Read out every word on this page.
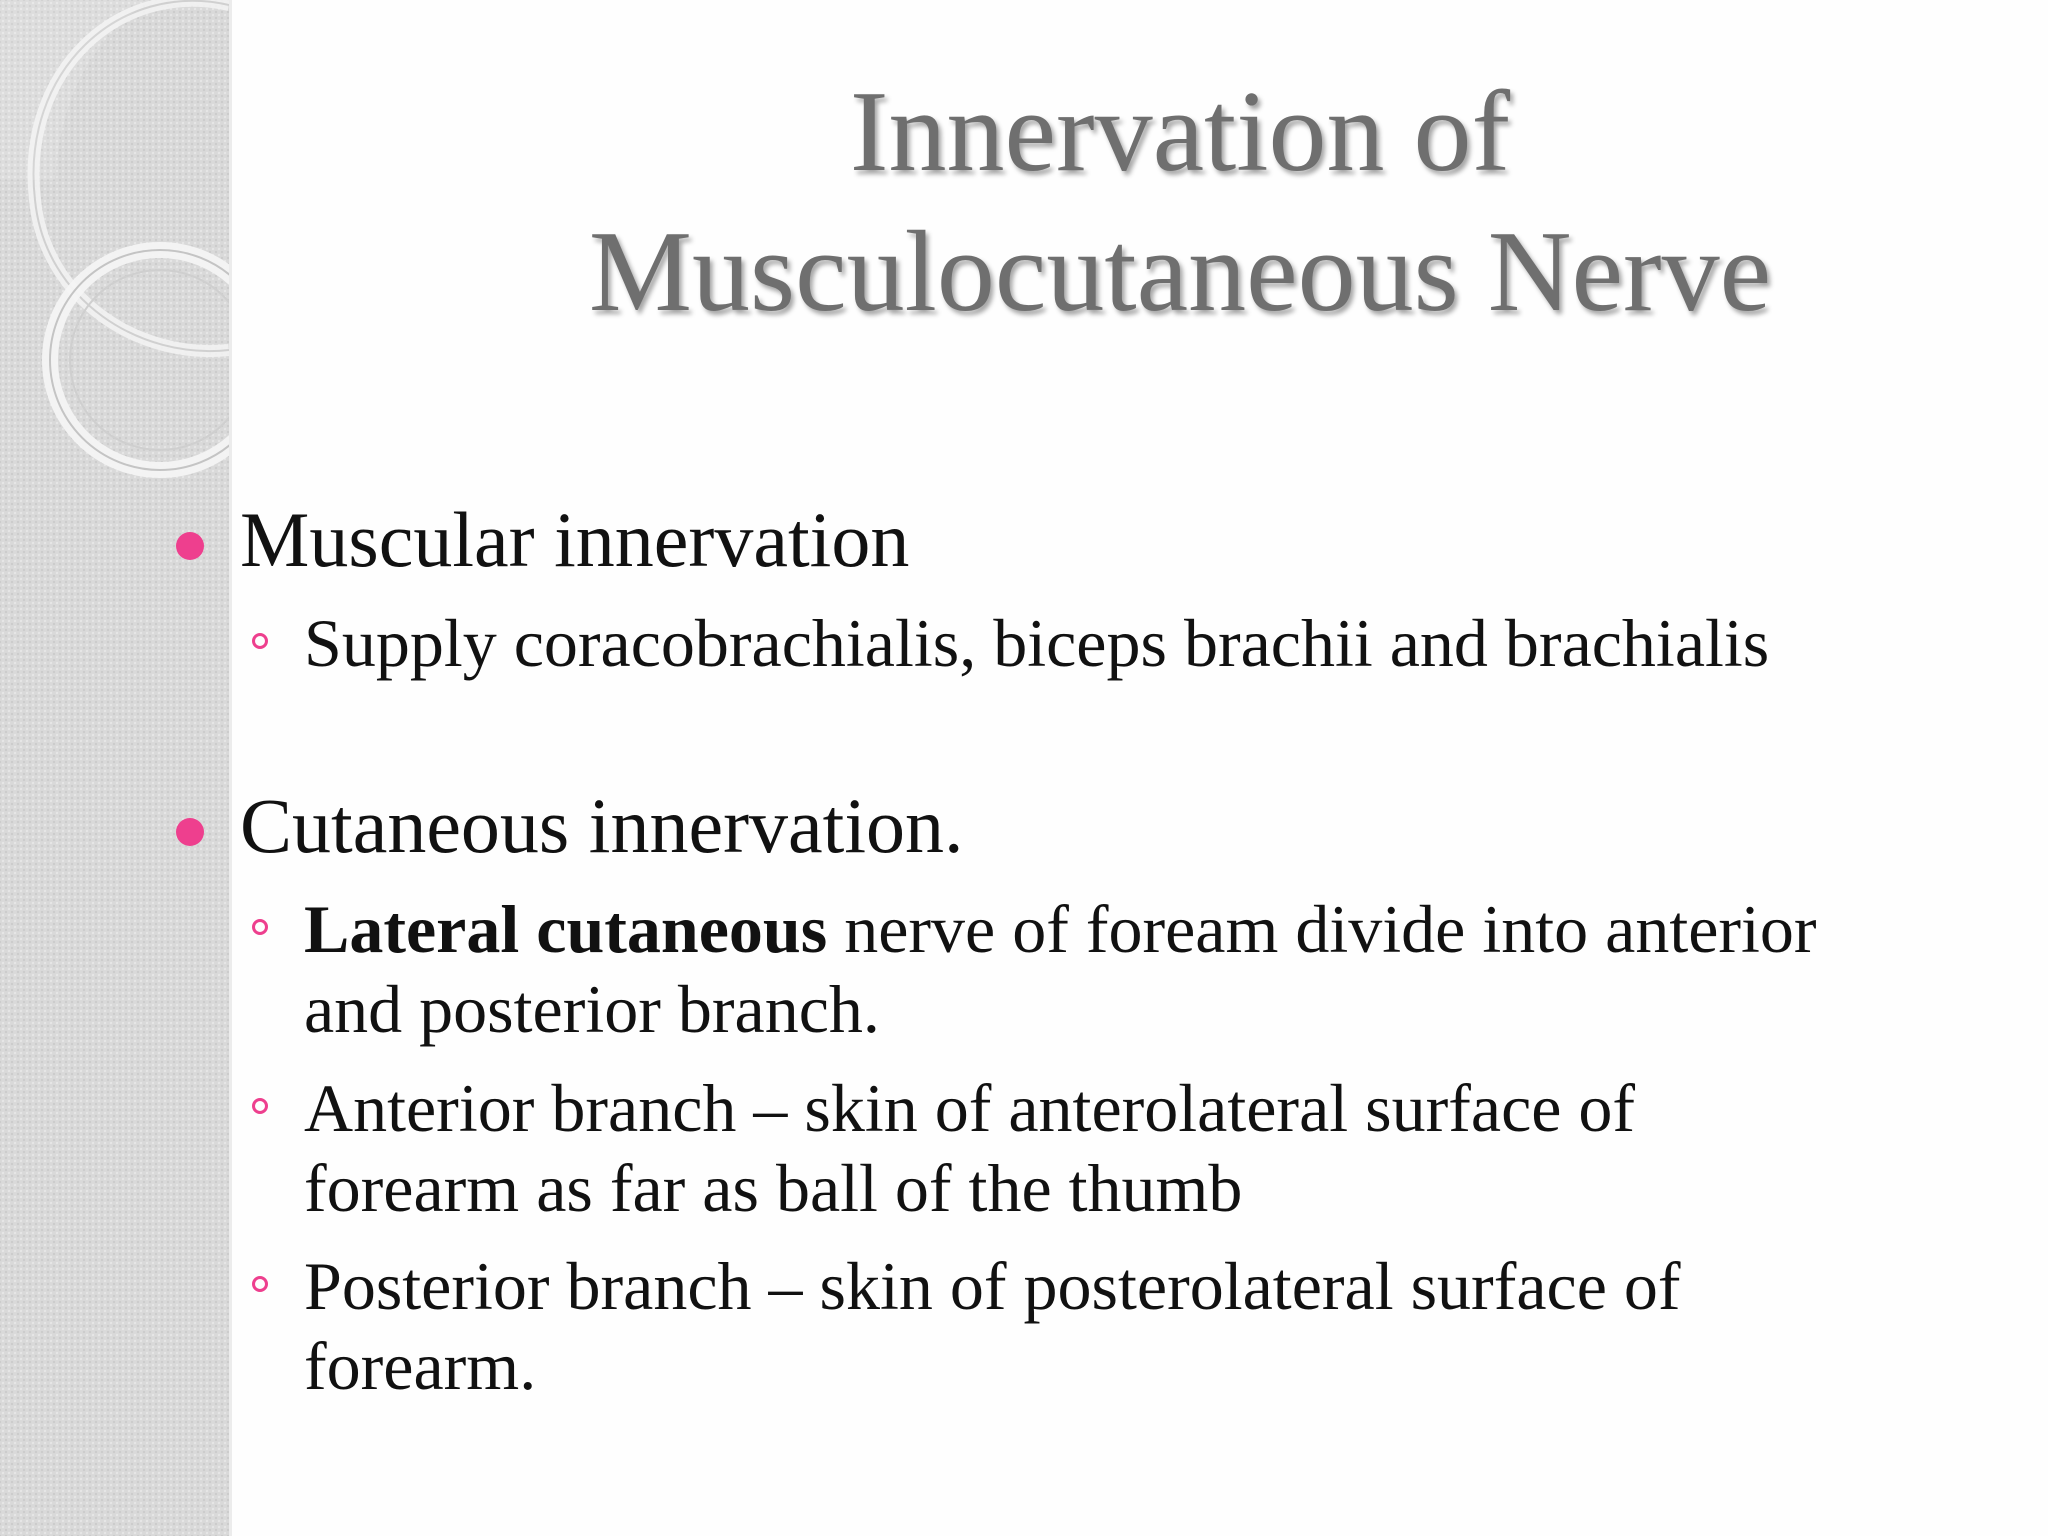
Innervation of
Musculocutaneous Nerve
Muscular innervation
Supply coracobrachialis, biceps brachii and brachialis
Cutaneous innervation.
Lateral cutaneous nerve of foream divide into anterior and posterior branch.
Anterior branch – skin of anterolateral surface of forearm as far as ball of the thumb
Posterior branch – skin of posterolateral surface of forearm.
